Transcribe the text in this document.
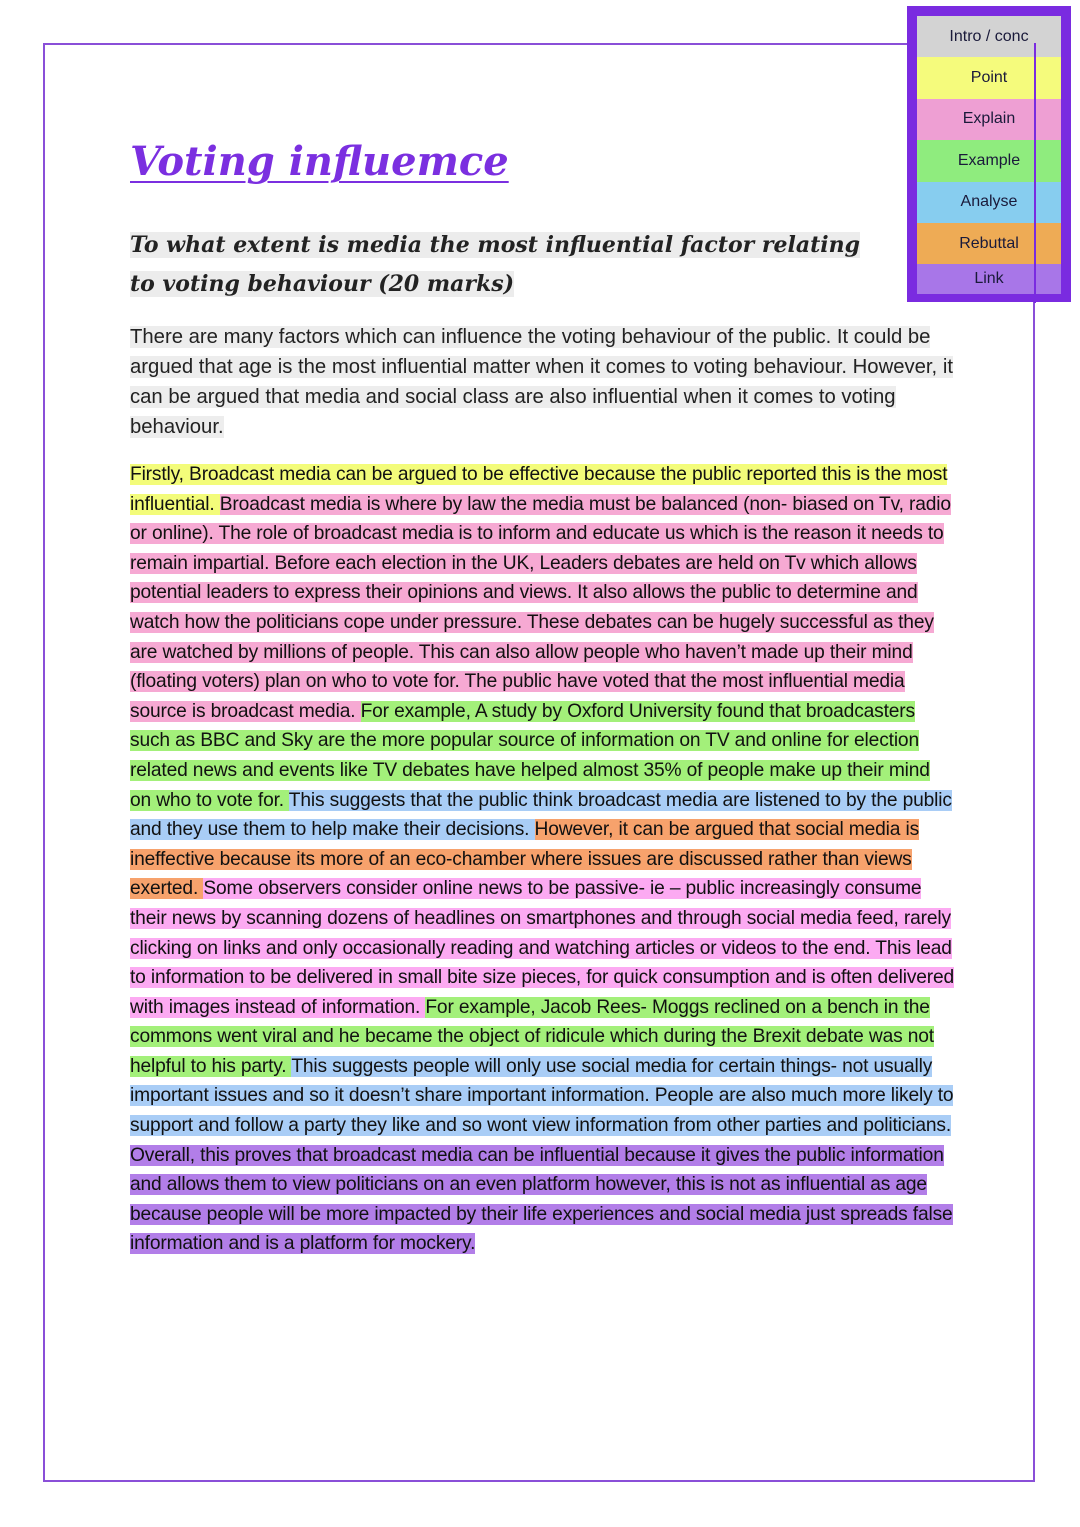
Intro / conc
Point
Explain
Example
Analyse
Rebuttal
Link
Voting influemce
To what extent is media the most influential factor relating to voting behaviour (20 marks)
There are many factors which can influence the voting behaviour of the public. It could be argued that age is the most influential matter when it comes to voting behaviour. However, it can be argued that media and social class are also influential when it comes to voting behaviour.
Firstly, Broadcast media can be argued to be effective because the public reported this is the most influential. Broadcast media is where by law the media must be balanced (non- biased on Tv, radio or online). The role of broadcast media is to inform and educate us which is the reason it needs to remain impartial. Before each election in the UK, Leaders debates are held on Tv which allows potential leaders to express their opinions and views. It also allows the public to determine and watch how the politicians cope under pressure. These debates can be hugely successful as they are watched by millions of people. This can also allow people who haven’t made up their mind (floating voters) plan on who to vote for. The public have voted that the most influential media source is broadcast media. For example, A study by Oxford University found that broadcasters such as BBC and Sky are the more popular source of information on TV and online for election related news and events like TV debates have helped almost 35% of people make up their mind on who to vote for. This suggests that the public think broadcast media are listened to by the public and they use them to help make their decisions. However, it can be argued that social media is ineffective because its more of an eco-chamber where issues are discussed rather than views exerted. Some observers consider online news to be passive- ie – public increasingly consume their news by scanning dozens of headlines on smartphones and through social media feed, rarely clicking on links and only occasionally reading and watching articles or videos to the end. This lead to information to be delivered in small bite size pieces, for quick consumption and is often delivered with images instead of information. For example, Jacob Rees- Moggs reclined on a bench in the commons went viral and he became the object of ridicule which during the Brexit debate was not helpful to his party. This suggests people will only use social media for certain things- not usually important issues and so it doesn’t share important information. People are also much more likely to support and follow a party they like and so wont view information from other parties and politicians. Overall, this proves that broadcast media can be influential because it gives the public information and allows them to view politicians on an even platform however, this is not as influential as age because people will be more impacted by their life experiences and social media just spreads false information and is a platform for mockery.
